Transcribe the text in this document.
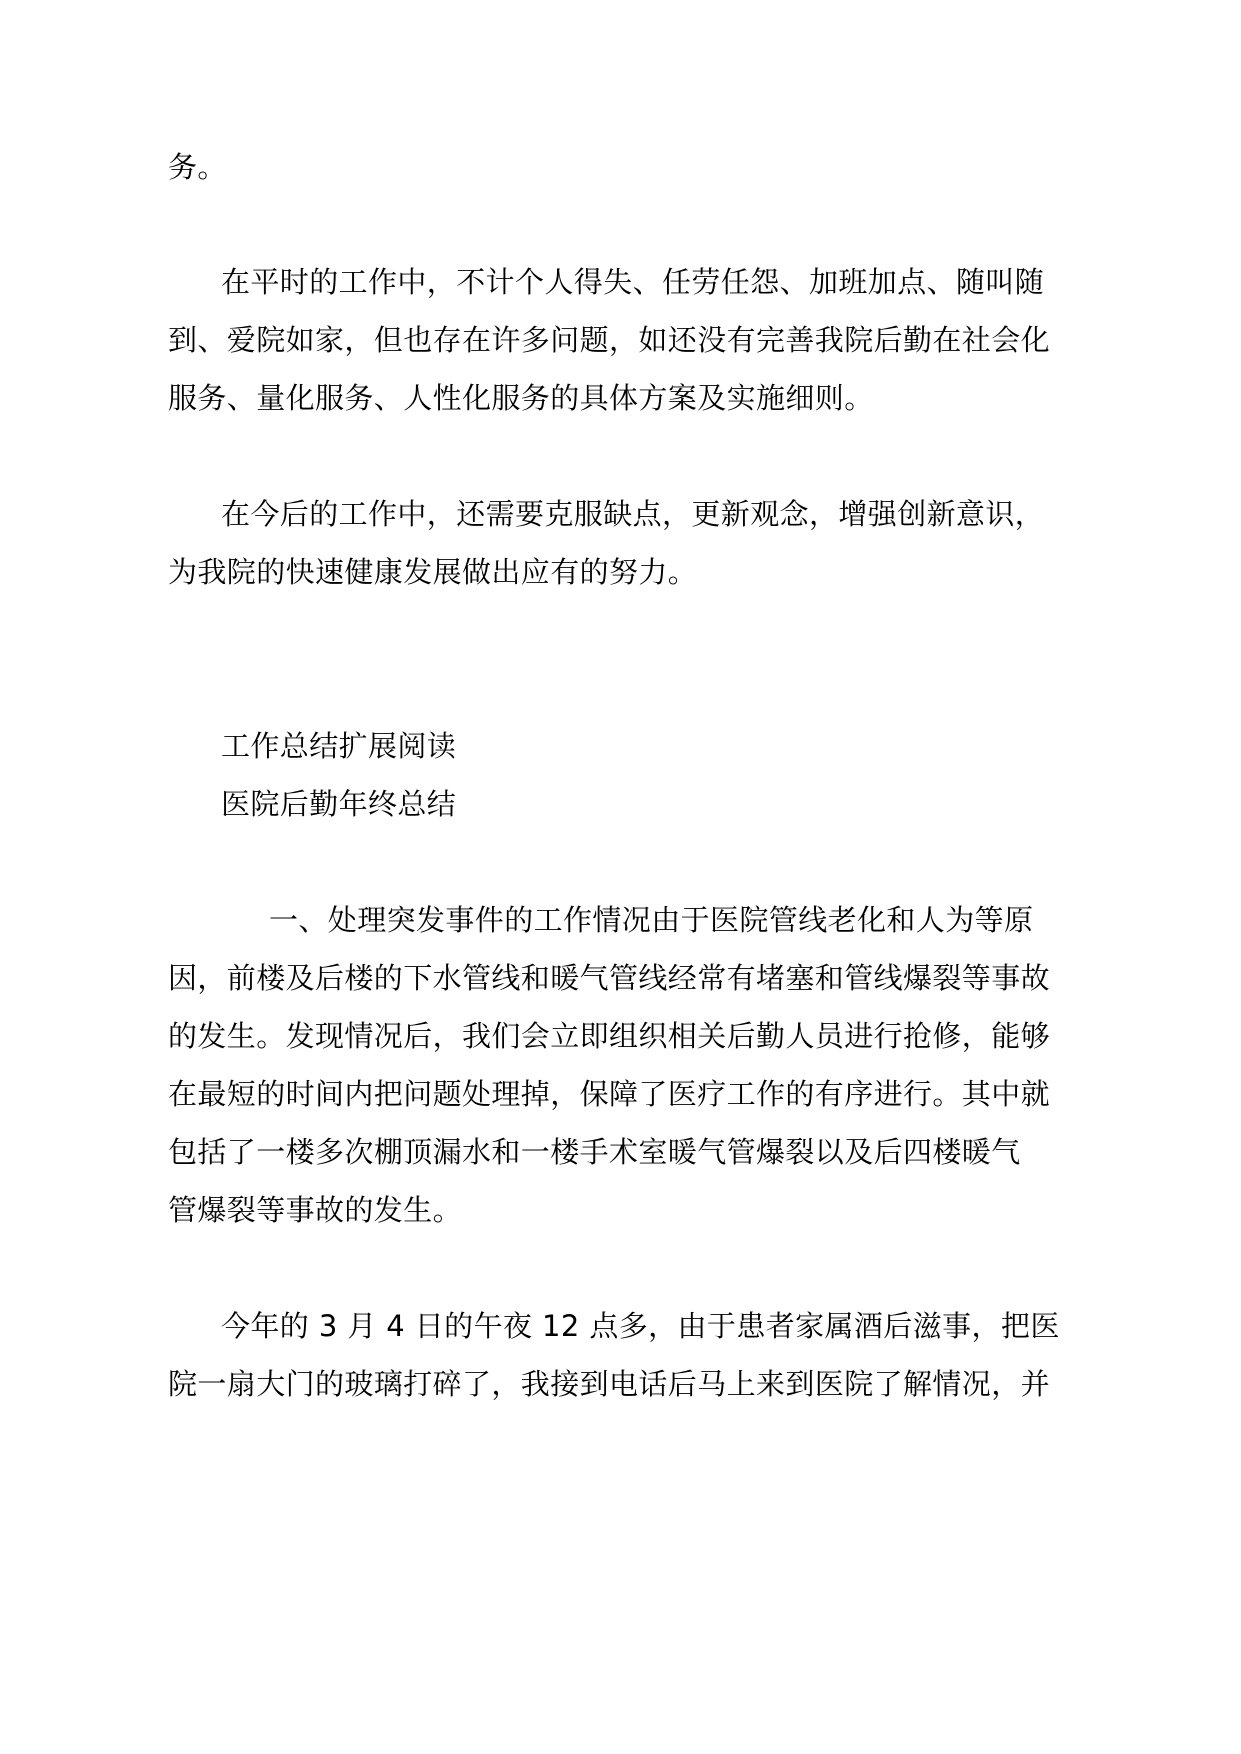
务。
在平时的工作中，不计个人得失、任劳任怨、加班加点、随叫随
到、爱院如家，但也存在许多问题，如还没有完善我院后勤在社会化
服务、量化服务、人性化服务的具体方案及实施细则。
在今后的工作中，还需要克服缺点，更新观念，增强创新意识，
为我院的快速健康发展做出应有的努力。
工作总结扩展阅读
医院后勤年终总结
一、处理突发事件的工作情况由于医院管线老化和人为等原
因，前楼及后楼的下水管线和暖气管线经常有堵塞和管线爆裂等事故
的发生。发现情况后，我们会立即组织相关后勤人员进行抢修，能够
在最短的时间内把问题处理掉，保障了医疗工作的有序进行。其中就
包括了一楼多次棚顶漏水和一楼手术室暖气管爆裂以及后四楼暖气
管爆裂等事故的发生。
今年的 3 月 4 日的午夜 12 点多，由于患者家属酒后滋事，把医
院一扇大门的玻璃打碎了，我接到电话后马上来到医院了解情况，并
